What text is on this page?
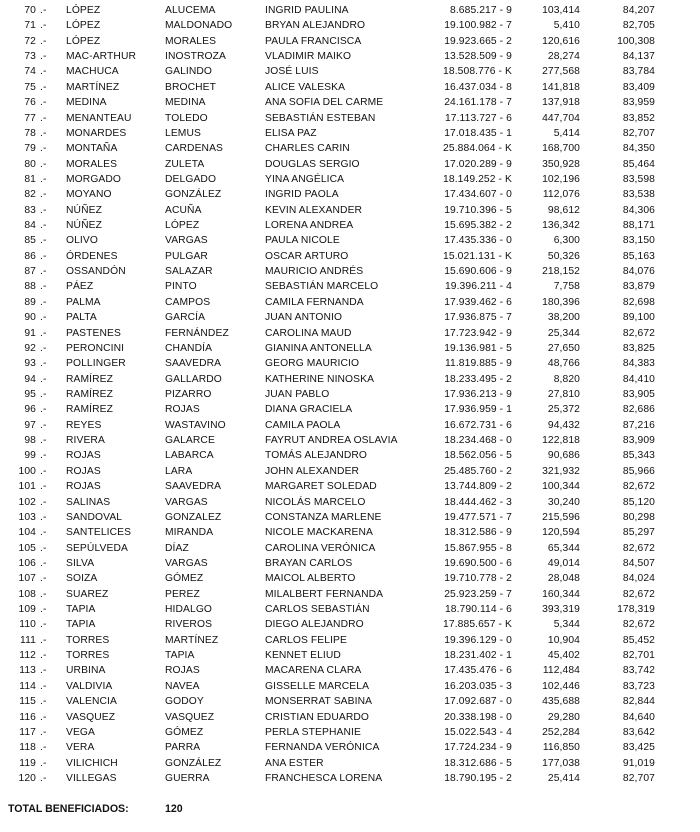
70 .-	LÓPEZ	ALUCEMA	INGRID PAULINA	8.685.217 - 9	103,414	84,207
71 .-	LÓPEZ	MALDONADO	BRYAN ALEJANDRO	19.100.982 - 7	5,410	82,705
72 .-	LÓPEZ	MORALES	PAULA FRANCISCA	19.923.665 - 2	120,616	100,308
73 .-	MAC-ARTHUR	INOSTROZA	VLADIMIR MAIKO	13.528.509 - 9	28,274	84,137
74 .-	MACHUCA	GALINDO	JOSÉ LUIS	18.508.776 - K	277,568	83,784
75 .-	MARTÍNEZ	BROCHET	ALICE VALESKA	16.437.034 - 8	141,818	83,409
76 .-	MEDINA	MEDINA	ANA SOFIA DEL CARME	24.161.178 - 7	137,918	83,959
77 .-	MENANTEAU	TOLEDO	SEBASTIÁN ESTEBAN	17.113.727 - 6	447,704	83,852
78 .-	MONARDES	LEMUS	ELISA PAZ	17.018.435 - 1	5,414	82,707
79 .-	MONTAÑA	CARDENAS	CHARLES CARIN	25.884.064 - K	168,700	84,350
80 .-	MORALES	ZULETA	DOUGLAS SERGIO	17.020.289 - 9	350,928	85,464
81 .-	MORGADO	DELGADO	YINA ANGÉLICA	18.149.252 - K	102,196	83,598
82 .-	MOYANO	GONZÁLEZ	INGRID PAOLA	17.434.607 - 0	112,076	83,538
83 .-	NÚÑEZ	ACUÑA	KEVIN ALEXANDER	19.710.396 - 5	98,612	84,306
84 .-	NÚÑEZ	LÓPEZ	LORENA ANDREA	15.695.382 - 2	136,342	88,171
85 .-	OLIVO	VARGAS	PAULA NICOLE	17.435.336 - 0	6,300	83,150
86 .-	ÓRDENES	PULGAR	OSCAR ARTURO	15.021.131 - K	50,326	85,163
87 .-	OSSANDÓN	SALAZAR	MAURICIO ANDRÉS	15.690.606 - 9	218,152	84,076
88 .-	PÁEZ	PINTO	SEBASTIÁN MARCELO	19.396.211 - 4	7,758	83,879
89 .-	PALMA	CAMPOS	CAMILA FERNANDA	17.939.462 - 6	180,396	82,698
90 .-	PALTA	GARCÍA	JUAN ANTONIO	17.936.875 - 7	38,200	89,100
91 .-	PASTENES	FERNÁNDEZ	CAROLINA MAUD	17.723.942 - 9	25,344	82,672
92 .-	PERONCINI	CHANDÍA	GIANINA ANTONELLA	19.136.981 - 5	27,650	83,825
93 .-	POLLINGER	SAAVEDRA	GEORG MAURICIO	11.819.885 - 9	48,766	84,383
94 .-	RAMÍREZ	GALLARDO	KATHERINE NINOSKA	18.233.495 - 2	8,820	84,410
95 .-	RAMÍREZ	PIZARRO	JUAN PABLO	17.936.213 - 9	27,810	83,905
96 .-	RAMÍREZ	ROJAS	DIANA GRACIELA	17.936.959 - 1	25,372	82,686
97 .-	REYES	WASTAVINO	CAMILA PAOLA	16.672.731 - 6	94,432	87,216
98 .-	RIVERA	GALARCE	FAYRUT ANDREA OSLAVIA	18.234.468 - 0	122,818	83,909
99 .-	ROJAS	LABARCA	TOMÁS ALEJANDRO	18.562.056 - 5	90,686	85,343
100 .-	ROJAS	LARA	JOHN ALEXANDER	25.485.760 - 2	321,932	85,966
101 .-	ROJAS	SAAVEDRA	MARGARET SOLEDAD	13.744.809 - 2	100,344	82,672
102 .-	SALINAS	VARGAS	NICOLÁS MARCELO	18.444.462 - 3	30,240	85,120
103 .-	SANDOVAL	GONZALEZ	CONSTANZA MARLENE	19.477.571 - 7	215,596	80,298
104 .-	SANTELICES	MIRANDA	NICOLE MACKARENA	18.312.586 - 9	120,594	85,297
105 .-	SEPÚLVEDA	DÍAZ	CAROLINA VERÓNICA	15.867.955 - 8	65,344	82,672
106 .-	SILVA	VARGAS	BRAYAN CARLOS	19.690.500 - 6	49,014	84,507
107 .-	SOIZA	GÓMEZ	MAICOL ALBERTO	19.710.778 - 2	28,048	84,024
108 .-	SUAREZ	PEREZ	MILALBERT FERNANDA	25.923.259 - 7	160,344	82,672
109 .-	TAPIA	HIDALGO	CARLOS SEBASTIÁN	18.790.114 - 6	393,319	178,319
110 .-	TAPIA	RIVEROS	DIEGO ALEJANDRO	17.885.657 - K	5,344	82,672
111 .-	TORRES	MARTÍNEZ	CARLOS FELIPE	19.396.129 - 0	10,904	85,452
112 .-	TORRES	TAPIA	KENNET ELIUD	18.231.402 - 1	45,402	82,701
113 .-	URBINA	ROJAS	MACARENA CLARA	17.435.476 - 6	112,484	83,742
114 .-	VALDIVIA	NAVEA	GISSELLE MARCELA	16.203.035 - 3	102,446	83,723
115 .-	VALENCIA	GODOY	MONSERRAT SABINA	17.092.687 - 0	435,688	82,844
116 .-	VASQUEZ	VASQUEZ	CRISTIAN EDUARDO	20.338.198 - 0	29,280	84,640
117 .-	VEGA	GÓMEZ	PERLA STEPHANIE	15.022.543 - 4	252,284	83,642
118 .-	VERA	PARRA	FERNANDA VERÓNICA	17.724.234 - 9	116,850	83,425
119 .-	VILICHICH	GONZÁLEZ	ANA ESTER	18.312.686 - 5	177,038	91,019
120 .-	VILLEGAS	GUERRA	FRANCHESCA LORENA	18.790.195 - 2	25,414	82,707
TOTAL BENEFICIADOS:	120
